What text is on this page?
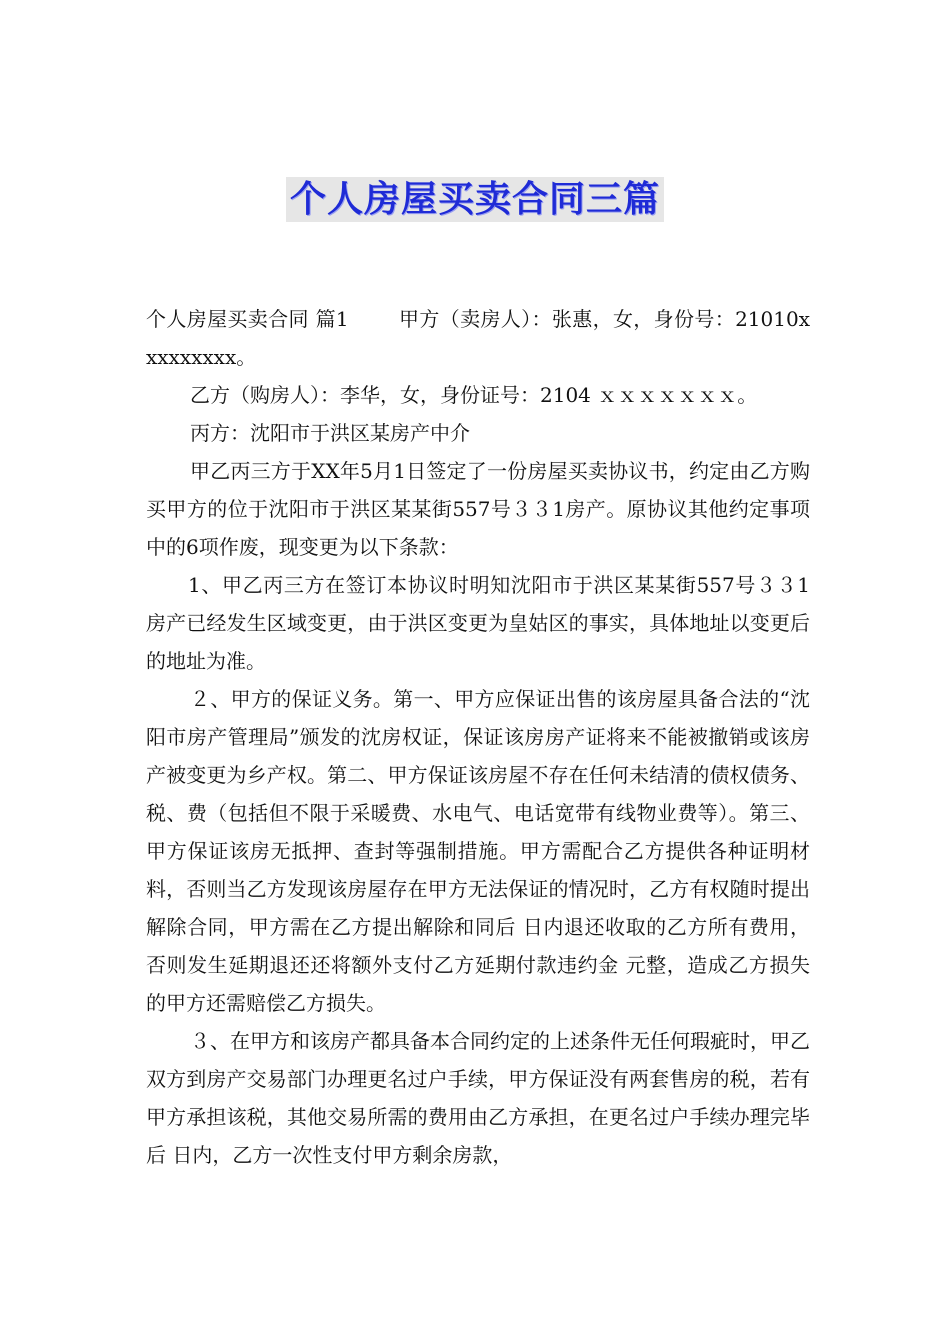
个人房屋买卖合同三篇

个人房屋买卖合同 篇1	甲方（卖房人）：张惠，女，身份号：21010xxxxxxxxx。

乙方（购房人）：李华，女，身份证号：2104 ｘｘｘｘｘｘｘ。

丙方：沈阳市于洪区某房产中介

甲乙丙三方于XX年5月1日签定了一份房屋买卖协议书，约定由乙方购买甲方的位于沈阳市于洪区某某街557号３３1房产。原协议其他约定事项中的6项作废，现变更为以下条款：

1、甲乙丙三方在签订本协议时明知沈阳市于洪区某某街557号３３1房产已经发生区域变更，由于洪区变更为皇姑区的事实，具体地址以变更后的地址为准。

２、甲方的保证义务。第一、甲方应保证出售的该房屋具备合法的“沈阳市房产管理局”颁发的沈房权证，保证该房房产证将来不能被撤销或该房产被变更为乡产权。第二、甲方保证该房屋不存在任何未结清的债权债务、税、费（包括但不限于采暖费、水电气、电话宽带有线物业费等）。第三、甲方保证该房无抵押、查封等强制措施。甲方需配合乙方提供各种证明材料，否则当乙方发现该房屋存在甲方无法保证的情况时，乙方有权随时提出解除合同，甲方需在乙方提出解除和同后 日内退还收取的乙方所有费用，否则发生延期退还还将额外支付乙方延期付款违约金 元整，造成乙方损失的甲方还需赔偿乙方损失。

３、在甲方和该房产都具备本合同约定的上述条件无任何瑕疵时，甲乙双方到房产交易部门办理更名过户手续，甲方保证没有两套售房的税，若有甲方承担该税，其他交易所需的费用由乙方承担，在更名过户手续办理完毕后 日内，乙方一次性支付甲方剩余房款，
